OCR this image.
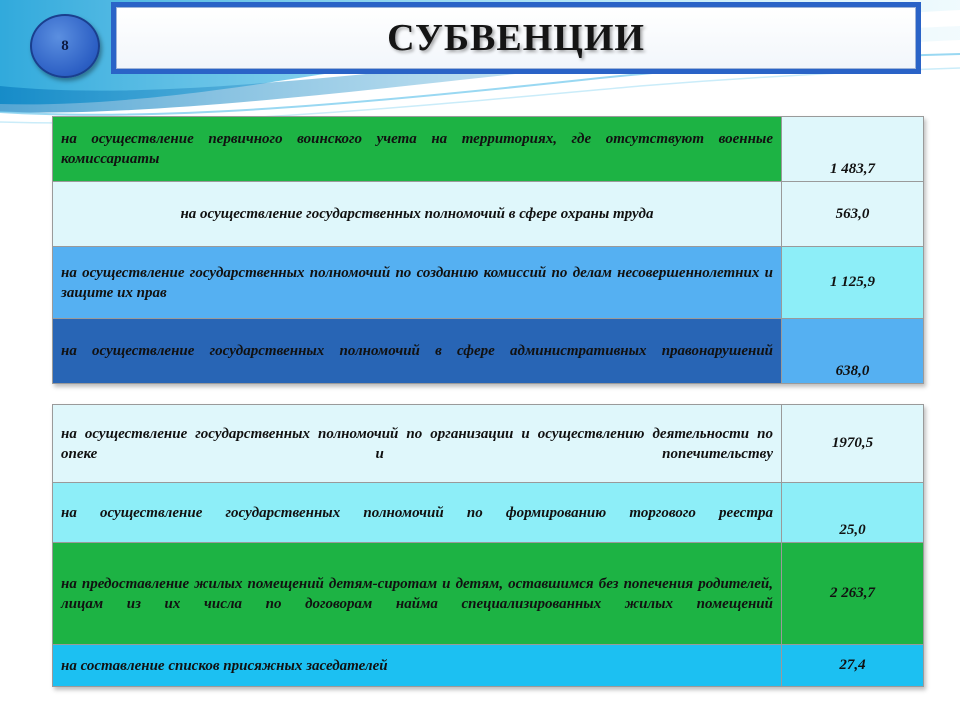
8	СУБВЕНЦИИ
на осуществление первичного воинского учета на территориях, где отсутствуют военные комиссариаты	1 483,7
на осуществление государственных полномочий в сфере охраны труда	563,0
на осуществление государственных полномочий по созданию комиссий по делам несовершеннолетних и защите их прав	1 125,9
на осуществление государственных полномочий в сфере административных правонарушений	638,0
на осуществление государственных полномочий по организации и осуществлению деятельности по опеке и попечительству	1970,5
на осуществление государственных полномочий по формированию торгового реестра	25,0
на предоставление жилых помещений детям-сиротам и детям, оставшимся без попечения родителей, лицам из их числа по договорам найма специализированных жилых помещений	2 263,7
на составление списков присяжных заседателей	27,4
